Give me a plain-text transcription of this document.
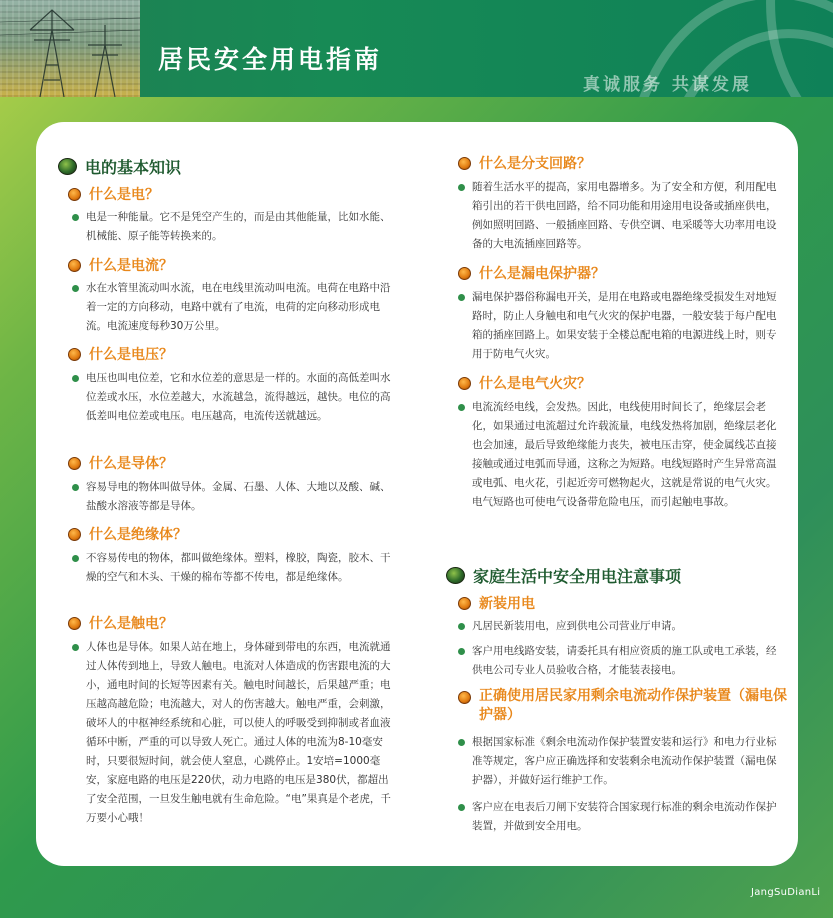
居民安全用电指南
真诚服务 共谋发展
电的基本知识
什么是电？
电是一种能量。它不是凭空产生的，而是由其他能量，比如水能、机械能、原子能等转换来的。
什么是电流？
水在水管里流动叫水流，电在电线里流动叫电流。电荷在电路中沿着一定的方向移动，电路中就有了电流，电荷的定向移动形成电流。电流速度每秒30万公里。
什么是电压？
电压也叫电位差，它和水位差的意思是一样的。水面的高低差叫水位差或水压，水位差越大，水流越急，流得越远，越快。电位的高低差叫电位差或电压。电压越高，电流传送就越远。
什么是导体？
容易导电的物体叫做导体。金属、石墨、人体、大地以及酸、碱、盐酸水溶液等都是导体。
什么是绝缘体？
不容易传电的物体，都叫做绝缘体。塑料，橡胶，陶瓷，胶木、干燥的空气和木头、干燥的棉布等都不传电，都是绝缘体。
什么是触电？
人体也是导体。如果人站在地上，身体碰到带电的东西，电流就通过人体传到地上，导致人触电。电流对人体造成的伤害跟电流的大小，通电时间的长短等因素有关。触电时间越长，后果越严重；电压越高越危险；电流越大，对人的伤害越大。触电严重，会刺激，破坏人的中枢神经系统和心脏，可以使人的呼吸受到抑制或者血液循环中断，严重的可以导致人死亡。通过人体的电流为8-10毫安时，只要很短时间，就会使人窒息，心跳停止。1安培=1000毫安，家庭电路的电压是220伏，动力电路的电压是380伏，都超出了安全范围，一旦发生触电就有生命危险。“电”果真是个老虎，千万要小心哦！
什么是分支回路？
随着生活水平的提高，家用电器增多。为了安全和方便，利用配电箱引出的若干供电回路，给不同功能和用途用电设备或插座供电，例如照明回路、一般插座回路、专供空调、电采暖等大功率用电设备的大电流插座回路等。
什么是漏电保护器？
漏电保护器俗称漏电开关，是用在电路或电器绝缘受损发生对地短路时，防止人身触电和电气火灾的保护电器，一般安装于每户配电箱的插座回路上。如果安装于全楼总配电箱的电源进线上时，则专用于防电气火灾。
什么是电气火灾？
电流流经电线，会发热。因此，电线使用时间长了，绝缘层会老化，如果通过电流超过允许载流量，电线发热将加剧，绝缘层老化也会加速，最后导致绝缘能力丧失，被电压击穿，使金属线芯直接接触或通过电弧而导通，这称之为短路。电线短路时产生异常高温或电弧、电火花，引起近旁可燃物起火，这就是常说的电气火灾。电气短路也可使电气设备带危险电压，而引起触电事故。
家庭生活中安全用电注意事项
新装用电
凡居民新装用电，应到供电公司营业厅申请。
客户用电线路安装，请委托具有相应资质的施工队或电工承装，经供电公司专业人员验收合格，才能装表接电。
正确使用居民家用剩余电流动作保护装置（漏电保护器）
根据国家标准《剩余电流动作保护装置安装和运行》和电力行业标准等规定，客户应正确选择和安装剩余电流动作保护装置（漏电保护器），并做好运行维护工作。
客户应在电表后刀闸下安装符合国家现行标准的剩余电流动作保护装置，并做到安全用电。
JangSuDianLi
